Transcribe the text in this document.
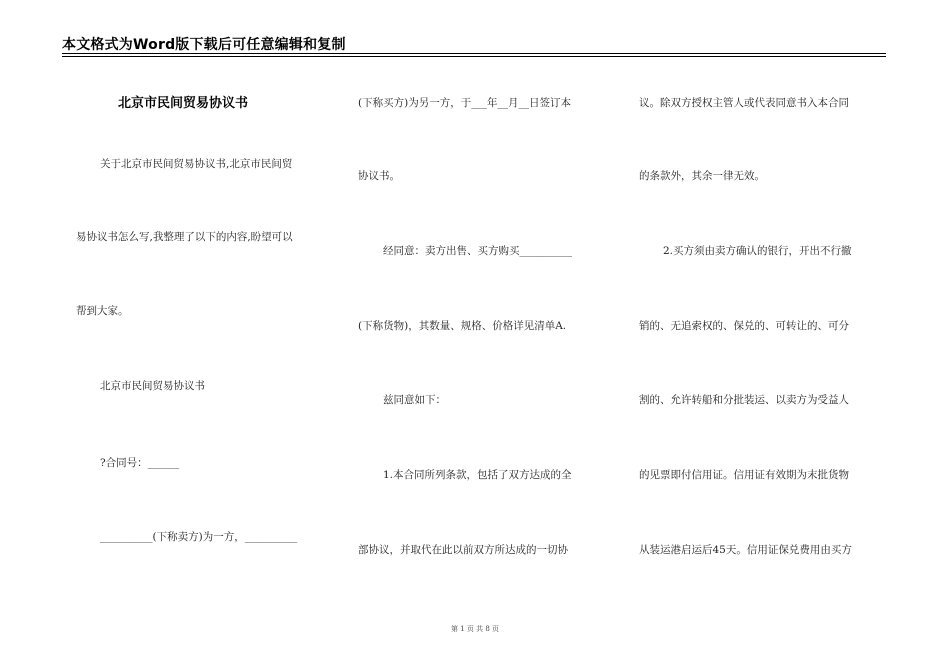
本文格式为Word版下载后可任意编辑和复制
北京市民间贸易协议书
关于北京市民间贸易协议书,北京市民间贸
易协议书怎么写,我整理了以下的内容,盼望可以
帮到大家。
北京市民间贸易协议书
?合同号：______
__________(下称卖方)为一方，__________
(下称买方)为另一方，于___年__月__日签订本
协议书。
经同意：卖方出售、买方购买__________
(下称货物)，其数量、规格、价格详见清单A.
兹同意如下：
1.本合同所列条款，包括了双方达成的全
部协议，并取代在此以前双方所达成的一切协
议。除双方授权主管人或代表同意书入本合同
的条款外，其余一律无效。
2.买方须由卖方确认的银行，开出不行撤
销的、无追索权的、保兑的、可转让的、可分
割的、允许转船和分批装运、以卖方为受益人
的见票即付信用证。信用证有效期为末批货物
从装运港启运后45天。信用证保兑费用由买方
第 1 页 共 8 页
